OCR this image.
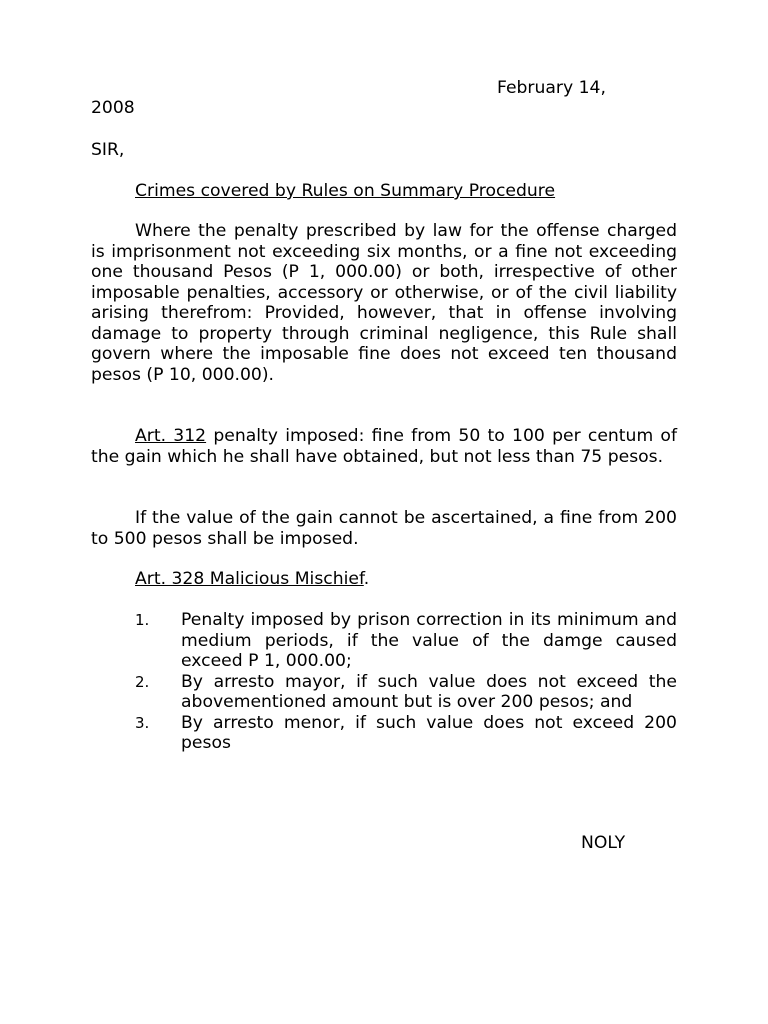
February 14,
2008
SIR,
Crimes covered by Rules on Summary Procedure

Where the penalty prescribed by law for the offense charged is imprisonment not exceeding six months, or a fine not exceeding one thousand Pesos (P 1, 000.00) or both, irrespective of other imposable penalties, accessory or otherwise, or of the civil liability arising therefrom: Provided, however, that in offense involving damage to property through criminal negligence, this Rule shall govern where the imposable fine does not exceed ten thousand pesos (P 10, 000.00).

Art. 312 penalty imposed: fine from 50 to 100 per centum of the gain which he shall have obtained, but not less than 75 pesos.

If the value of the gain cannot be ascertained, a fine from 200 to 500 pesos shall be imposed.

Art. 328 Malicious Mischief.
1. Penalty imposed by prison correction in its minimum and medium periods, if the value of the damge caused exceed P 1, 000.00;
2. By arresto mayor, if such value does not exceed the abovementioned amount but is over 200 pesos; and
3. By arresto menor, if such value does not exceed 200 pesos
NOLY
